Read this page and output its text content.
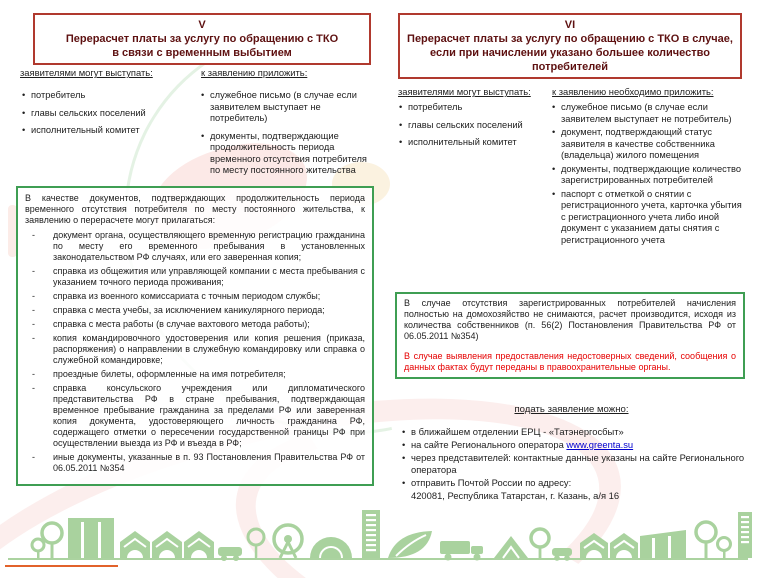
V
Перерасчет платы за услугу по обращению с ТКО
в связи с временным выбытием
заявителями могут выступать:	к заявлению приложить:
• потребитель
• главы сельских поселений
• исполнительный комитет
• служебное письмо (в случае если заявителем выступает не потребитель)
• документы, подтверждающие продолжительность периода временного отсутствия потребителя по месту постоянного жительства
В качестве документов, подтверждающих продолжительность периода временного отсутствия потребителя по месту постоянного жительства, к заявлению о перерасчете могут прилагаться:
- документ органа, осуществляющего временную регистрацию гражданина по месту его временного пребывания в установленных законодательством РФ случаях, или его заверенная копия;
- справка из общежития или управляющей компании с места пребывания с указанием точного периода проживания;
- справка из военного комиссариата с точным периодом службы;
- справка с места учебы, за исключением каникулярного периода;
- справка с места работы (в случае вахтового метода работы);
- копия командировочного удостоверения или копия решения (приказа, распоряжения) о направлении в служебную командировку или справка о служебной командировке;
- проездные билеты, оформленные на имя потребителя;
- справка консульского учреждения или дипломатического представительства РФ в стране пребывания, подтверждающая временное пребывание гражданина за пределами РФ или заверенная копия документа, удостоверяющего личность гражданина РФ, содержащего отметки о пересечении государственной границы РФ при осуществлении выезда из РФ и въезда в РФ;
- иные документы, указанные в п. 93 Постановления Правительства РФ от 06.05.2011 №354
VI
Перерасчет платы за услугу по обращению с ТКО в случае,
если при начислении указано большее количество
потребителей
заявителями могут выступать: к заявлению необходимо приложить:
• потребитель
• главы сельских поселений
• исполнительный комитет
• служебное письмо (в случае если заявителем выступает не потребитель)
• документ, подтверждающий статус заявителя в качестве собственника (владельца) жилого помещения
• документы, подтверждающие количество зарегистрированных потребителей
• паспорт с отметкой о снятии с регистрационного учета, карточка убытия с регистрационного учета либо иной документ с указанием даты снятия с регистрационного учета
В случае отсутствия зарегистрированных потребителей начисления полностью на домохозяйство не снимаются, расчет производится, исходя из количества собственников (п. 56(2) Постановления Правительства РФ от 06.05.2011 №354)
В случае выявления предоставления недостоверных сведений, сообщения о данных фактах будут переданы в правоохранительные органы.
подать заявление можно:
• в ближайшем отделении ЕРЦ - «Татэнергосбыт»
• на сайте Регионального оператора www.greenta.su
• через представителей: контактные данные указаны на сайте Регионального оператора
• отправить Почтой России по адресу:
420081, Республика Татарстан, г. Казань, а/я 16
